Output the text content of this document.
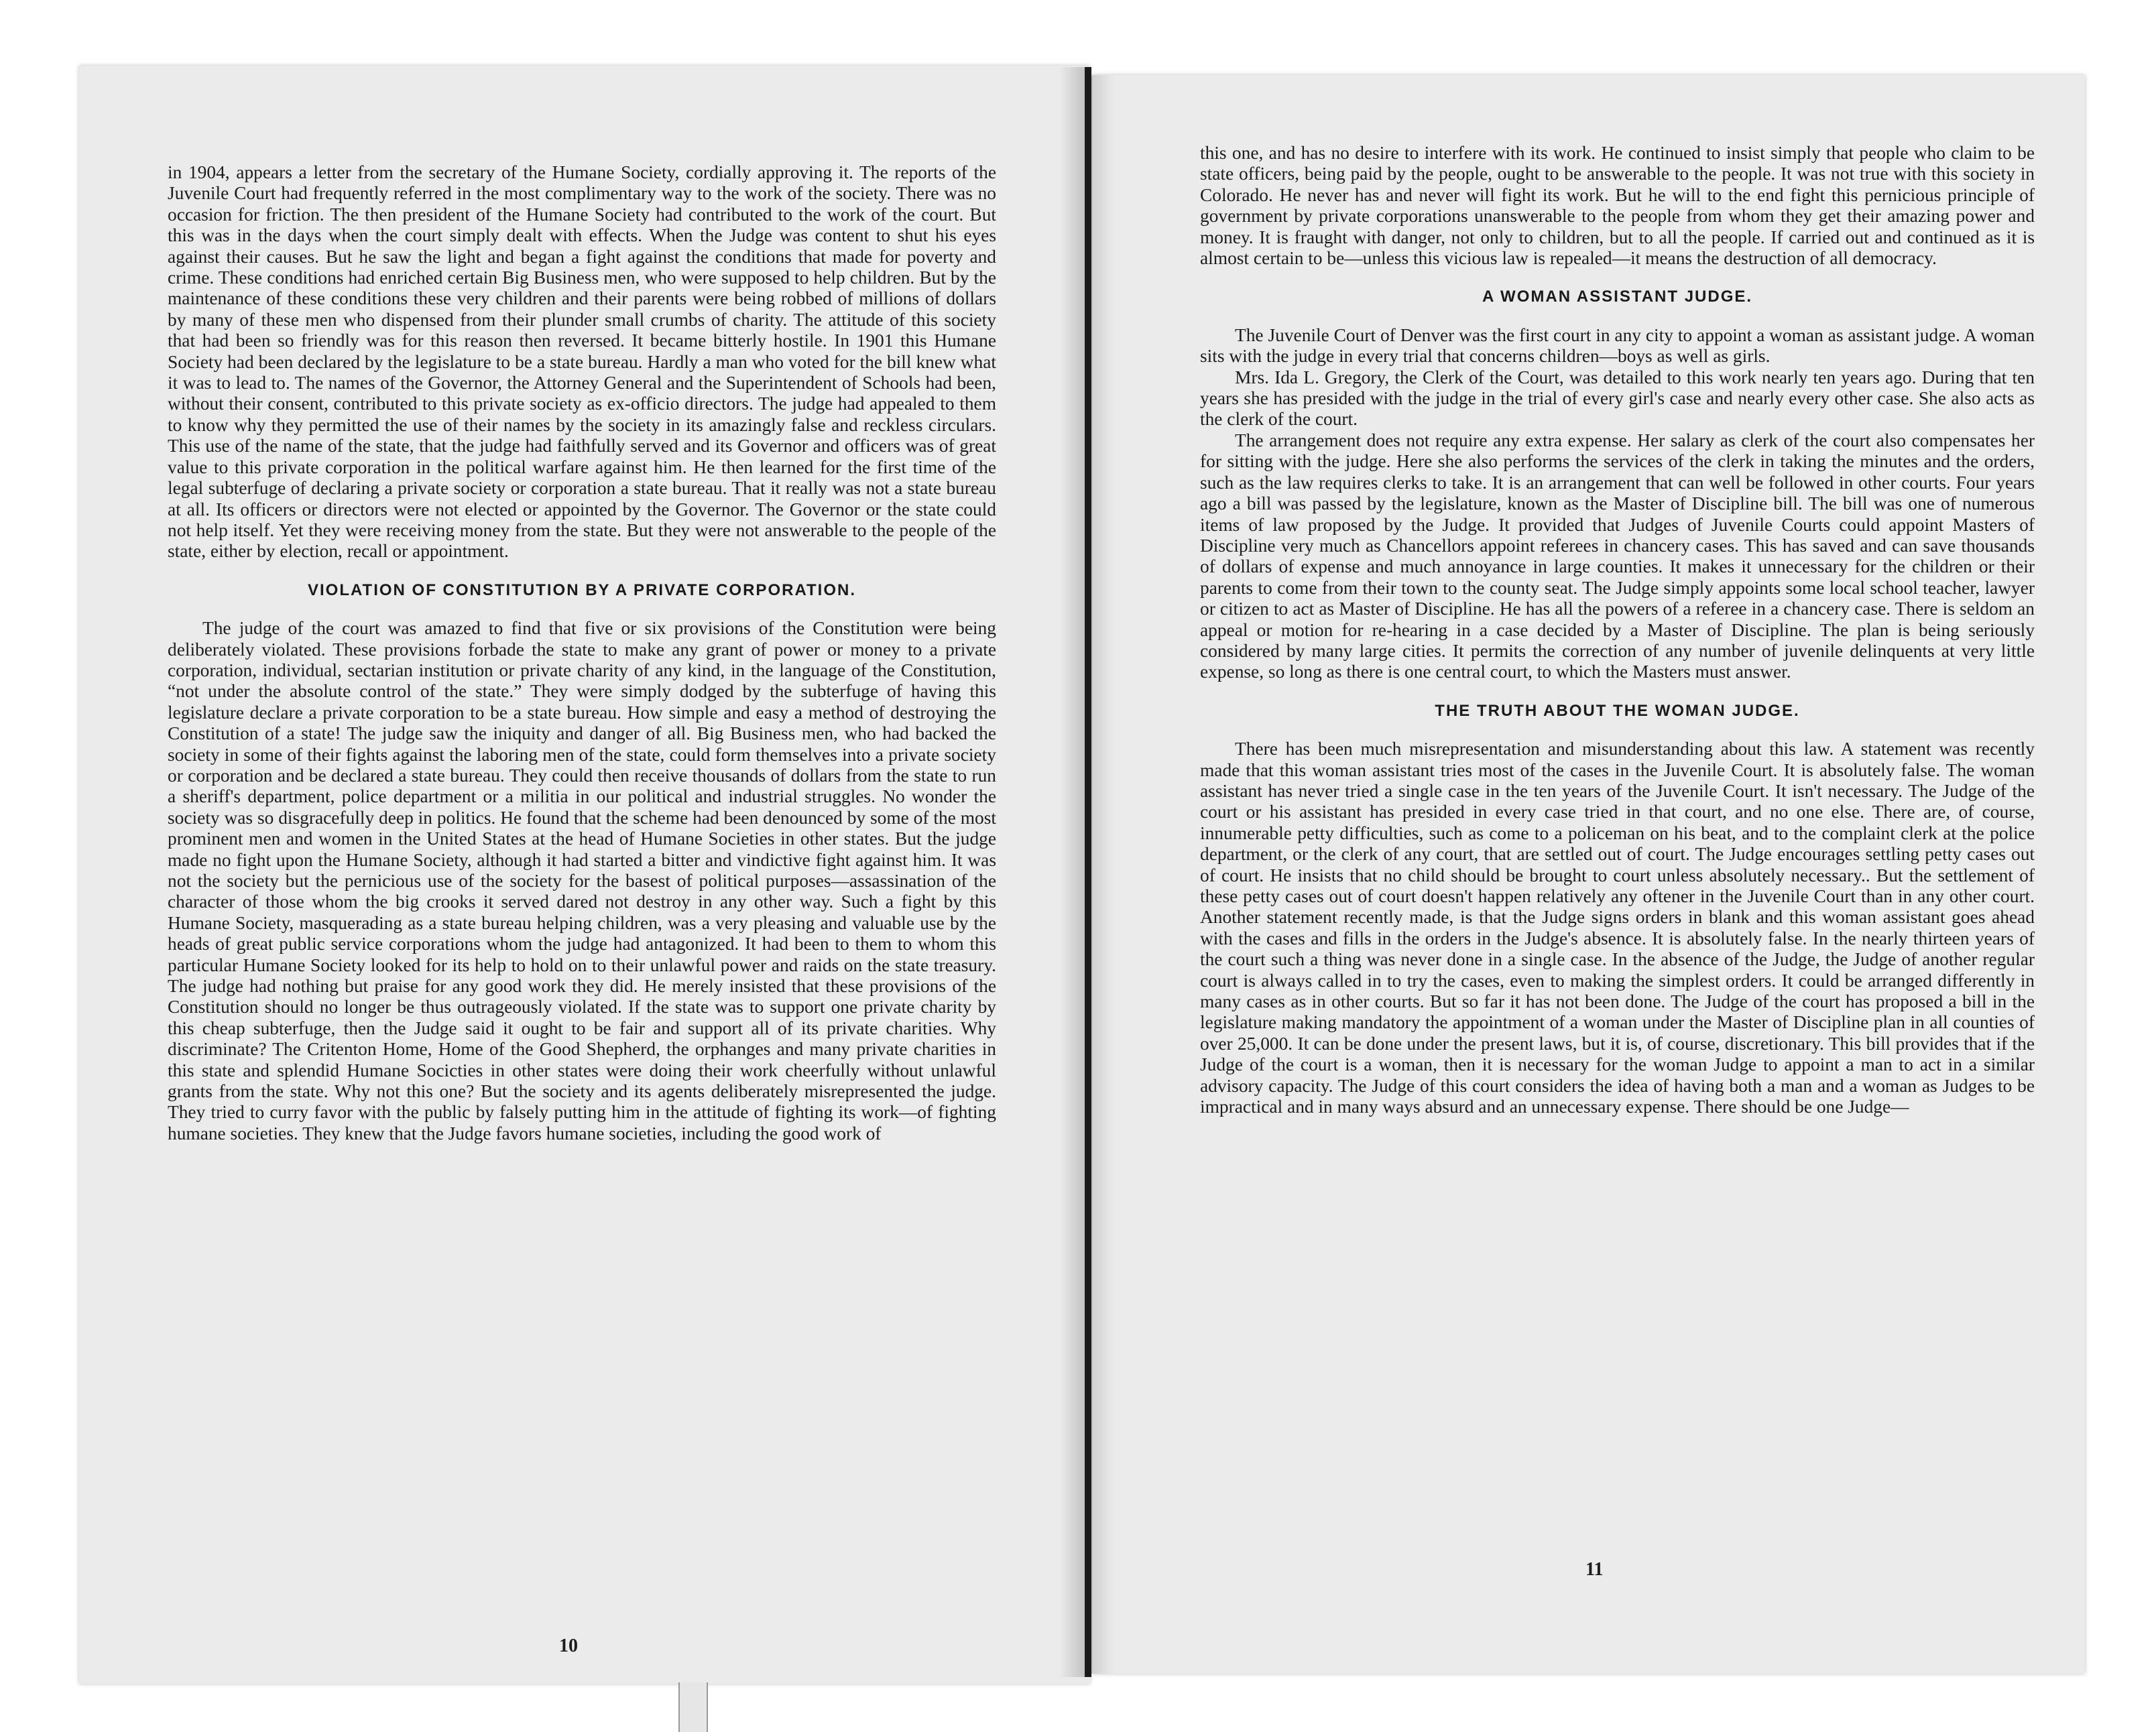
in 1904, appears a letter from the secretary of the Humane Society, cordially approving it. The reports of the Juvenile Court had frequently referred in the most complimentary way to the work of the society. There was no occasion for friction. The then president of the Humane Society had contributed to the work of the court. But this was in the days when the court simply dealt with effects. When the Judge was content to shut his eyes against their causes. But he saw the light and began a fight against the conditions that made for poverty and crime. These conditions had enriched certain Big Business men, who were supposed to help children. But by the maintenance of these conditions these very children and their parents were being robbed of millions of dollars by many of these men who dispensed from their plunder small crumbs of charity. The attitude of this society that had been so friendly was for this reason then reversed. It became bitterly hostile. In 1901 this Humane Society had been declared by the legislature to be a state bureau. Hardly a man who voted for the bill knew what it was to lead to. The names of the Governor, the Attorney General and the Superintendent of Schools had been, without their consent, contributed to this private society as ex-officio directors. The judge had appealed to them to know why they permitted the use of their names by the society in its amazingly false and reckless circulars. This use of the name of the state, that the judge had faithfully served and its Governor and officers was of great value to this private corporation in the political warfare against him. He then learned for the first time of the legal subterfuge of declaring a private society or corporation a state bureau. That it really was not a state bureau at all. Its officers or directors were not elected or appointed by the Governor. The Governor or the state could not help itself. Yet they were receiving money from the state. But they were not answerable to the people of the state, either by election, recall or appointment.

VIOLATION OF CONSTITUTION BY A PRIVATE CORPORATION.

The judge of the court was amazed to find that five or six provisions of the Constitution were being deliberately violated. These provisions forbade the state to make any grant of power or money to a private corporation, individual, sectarian institution or private charity of any kind, in the language of the Constitution, “not under the absolute control of the state.” They were simply dodged by the subterfuge of having this legislature declare a private corporation to be a state bureau. How simple and easy a method of destroying the Constitution of a state! The judge saw the iniquity and danger of all. Big Business men, who had backed the society in some of their fights against the laboring men of the state, could form themselves into a private society or corporation and be declared a state bureau. They could then receive thousands of dollars from the state to run a sheriff's department, police department or a militia in our political and industrial struggles. No wonder the society was so disgracefully deep in politics. He found that the scheme had been denounced by some of the most prominent men and women in the United States at the head of Humane Societies in other states. But the judge made no fight upon the Humane Society, although it had started a bitter and vindictive fight against him. It was not the society but the pernicious use of the society for the basest of political purposes—assassination of the character of those whom the big crooks it served dared not destroy in any other way. Such a fight by this Humane Society, masquerading as a state bureau helping children, was a very pleasing and valuable use by the heads of great public service corporations whom the judge had antagonized. It had been to them to whom this particular Humane Society looked for its help to hold on to their unlawful power and raids on the state treasury. The judge had nothing but praise for any good work they did. He merely insisted that these provisions of the Constitution should no longer be thus outrageously violated. If the state was to support one private charity by this cheap subterfuge, then the Judge said it ought to be fair and support all of its private charities. Why discriminate? The Critenton Home, Home of the Good Shepherd, the orphanges and many private charities in this state and splendid Humane Socicties in other states were doing their work cheerfully without unlawful grants from the state. Why not this one? But the society and its agents deliberately misrepresented the judge. They tried to curry favor with the public by falsely putting him in the attitude of fighting its work—of fighting humane societies. They knew that the Judge favors humane societies, including the good work of

10

this one, and has no desire to interfere with its work. He continued to insist simply that people who claim to be state officers, being paid by the people, ought to be answerable to the people. It was not true with this society in Colorado. He never has and never will fight its work. But he will to the end fight this pernicious principle of government by private corporations unanswerable to the people from whom they get their amazing power and money. It is fraught with danger, not only to children, but to all the people. If carried out and continued as it is almost certain to be—unless this vicious law is repealed—it means the destruction of all democracy.

A WOMAN ASSISTANT JUDGE.

The Juvenile Court of Denver was the first court in any city to appoint a woman as assistant judge. A woman sits with the judge in every trial that concerns children—boys as well as girls.

Mrs. Ida L. Gregory, the Clerk of the Court, was detailed to this work nearly ten years ago. During that ten years she has presided with the judge in the trial of every girl's case and nearly every other case. She also acts as the clerk of the court.

The arrangement does not require any extra expense. Her salary as clerk of the court also compensates her for sitting with the judge. Here she also performs the services of the clerk in taking the minutes and the orders, such as the law requires clerks to take. It is an arrangement that can well be followed in other courts. Four years ago a bill was passed by the legislature, known as the Master of Discipline bill. The bill was one of numerous items of law proposed by the Judge. It provided that Judges of Juvenile Courts could appoint Masters of Discipline very much as Chancellors appoint referees in chancery cases. This has saved and can save thousands of dollars of expense and much annoyance in large counties. It makes it unnecessary for the children or their parents to come from their town to the county seat. The Judge simply appoints some local school teacher, lawyer or citizen to act as Master of Discipline. He has all the powers of a referee in a chancery case. There is seldom an appeal or motion for re-hearing in a case decided by a Master of Discipline. The plan is being seriously considered by many large cities. It permits the correction of any number of juvenile delinquents at very little expense, so long as there is one central court, to which the Masters must answer.

THE TRUTH ABOUT THE WOMAN JUDGE.

There has been much misrepresentation and misunderstanding about this law. A statement was recently made that this woman assistant tries most of the cases in the Juvenile Court. It is absolutely false. The woman assistant has never tried a single case in the ten years of the Juvenile Court. It isn't necessary. The Judge of the court or his assistant has presided in every case tried in that court, and no one else. There are, of course, innumerable petty difficulties, such as come to a policeman on his beat, and to the complaint clerk at the police department, or the clerk of any court, that are settled out of court. The Judge encourages settling petty cases out of court. He insists that no child should be brought to court unless absolutely necessary.. But the settlement of these petty cases out of court doesn't happen relatively any oftener in the Juvenile Court than in any other court. Another statement recently made, is that the Judge signs orders in blank and this woman assistant goes ahead with the cases and fills in the orders in the Judge's absence. It is absolutely false. In the nearly thirteen years of the court such a thing was never done in a single case. In the absence of the Judge, the Judge of another regular court is always called in to try the cases, even to making the simplest orders. It could be arranged differently in many cases as in other courts. But so far it has not been done. The Judge of the court has proposed a bill in the legislature making mandatory the appointment of a woman under the Master of Discipline plan in all counties of over 25,000. It can be done under the present laws, but it is, of course, discretionary. This bill provides that if the Judge of the court is a woman, then it is necessary for the woman Judge to appoint a man to act in a similar advisory capacity. The Judge of this court considers the idea of having both a man and a woman as Judges to be impractical and in many ways absurd and an unnecessary expense. There should be one Judge—

11
